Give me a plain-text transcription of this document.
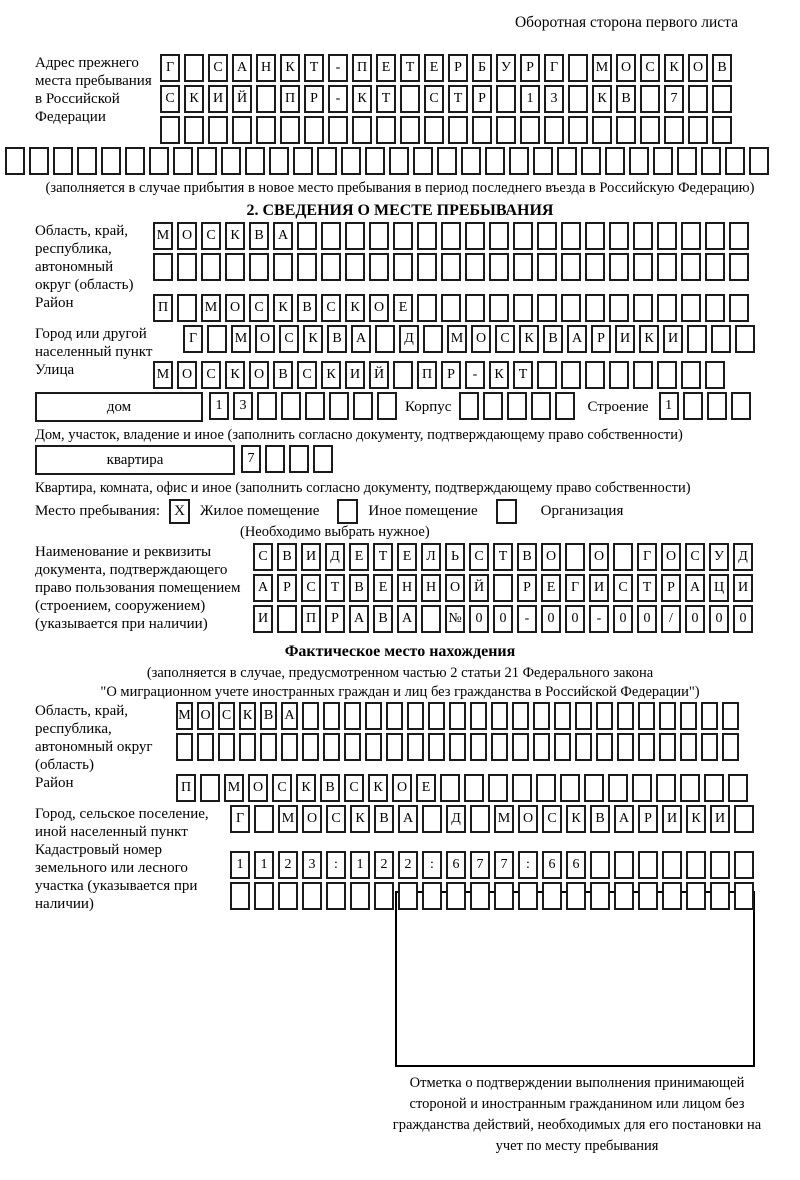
Оборотная сторона первого листа
Адрес прежнего места пребывания в Российской Федерации
Г	С А Н К Т - П Е Т Е Р Б У Р Г	М О С К О В
С К И Й	П Р - К Т	С Т Р	1 3	К В	7
(заполняется в случае прибытия в новое место пребывания в период последнего въезда в Российскую Федерацию)
2. СВЕДЕНИЯ О МЕСТЕ ПРЕБЫВАНИЯ
Область, край, республика, автономный округ (область)
М О С К В А
Район	П	М О С К В С К О Е
Город или другой населенный пункт
Г	М О С К В А	Д	М О С К В А Р И К И
Улица	М О С К О В С К И Й	П Р - К Т
дом	1 3	Корпус	Строение 1
Дом, участок, владение и иное (заполнить согласно документу, подтверждающему право собственности)
квартира	7
Квартира, комната, офис и иное (заполнить согласно документу, подтверждающему право собственности)
Место пребывания: X	Жилое помещение	Иное помещение	Организация
(Необходимо выбрать нужное)
Наименование и реквизиты документа, подтверждающего право пользования помещением (строением, сооружением) (указывается при наличии)
С В И Д Е Т Е Л Ь С Т В О	О	Г О С У Д
А Р С Т В Е Н Н О Й	Р Е Г И С Т Р А Ц И
И	П Р А В А	№ 0 0 - 0 0 - 0 0 / 0 0 0
Фактическое место нахождения
(заполняется в случае, предусмотренном частью 2 статьи 21 Федерального закона
"О миграционном учете иностранных граждан и лиц без гражданства в Российской Федерации")
Область, край, республика, автономный округ (область)
М О С К В А
Район	П	М О С К В С К О Е
Город, сельское поселение, иной населенный пункт
Г	М О С К В А	Д	М О С К В А Р И К И
Кадастровый номер земельного или лесного участка (указывается при наличии)
1 1 2 3 : 1 2 2 : 6 7 7 : 6 6
Отметка о подтверждении выполнения принимающей стороной и иностранным гражданином или лицом без гражданства действий, необходимых для его постановки на учет по месту пребывания
